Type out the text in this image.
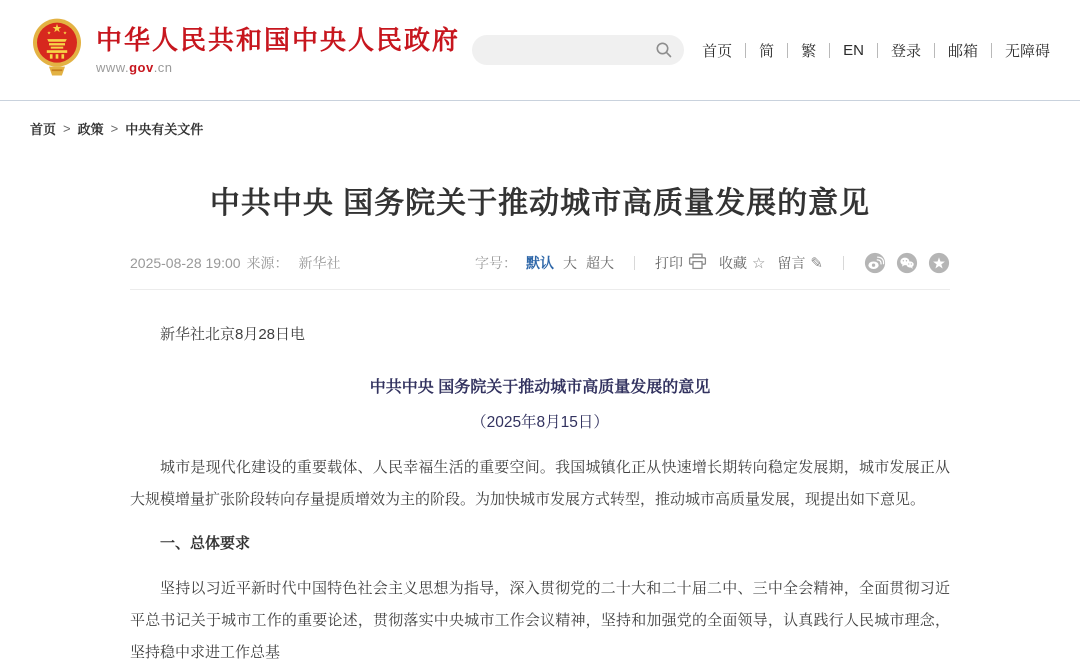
中华人民共和国中央人民政府
www.gov.cn
首页	简	繁	EN	登录	邮箱	无障碍
首页 > 政策 > 中央有关文件
中共中央 国务院关于推动城市高质量发展的意见
2025-08-28 19:00 来源： 新华社	字号： 默认 大 超大	打印	收藏 ☆ 留言 ✎

新华社北京8月28日电

中共中央 国务院关于推动城市高质量发展的意见

（2025年8月15日）

城市是现代化建设的重要载体、人民幸福生活的重要空间。我国城镇化正从快速增长期转向稳定发展期，城市发展正从大规模增量扩张阶段转向存量提质增效为主的阶段。为加快城市发展方式转型，推动城市高质量发展，现提出如下意见。

一、总体要求

坚持以习近平新时代中国特色社会主义思想为指导，深入贯彻党的二十大和二十届二中、三中全会精神，全面贯彻习近平总书记关于城市工作的重要论述，贯彻落实中央城市工作会议精神，坚持和加强党的全面领导，认真践行人民城市理念，坚持稳中求进工作总基
